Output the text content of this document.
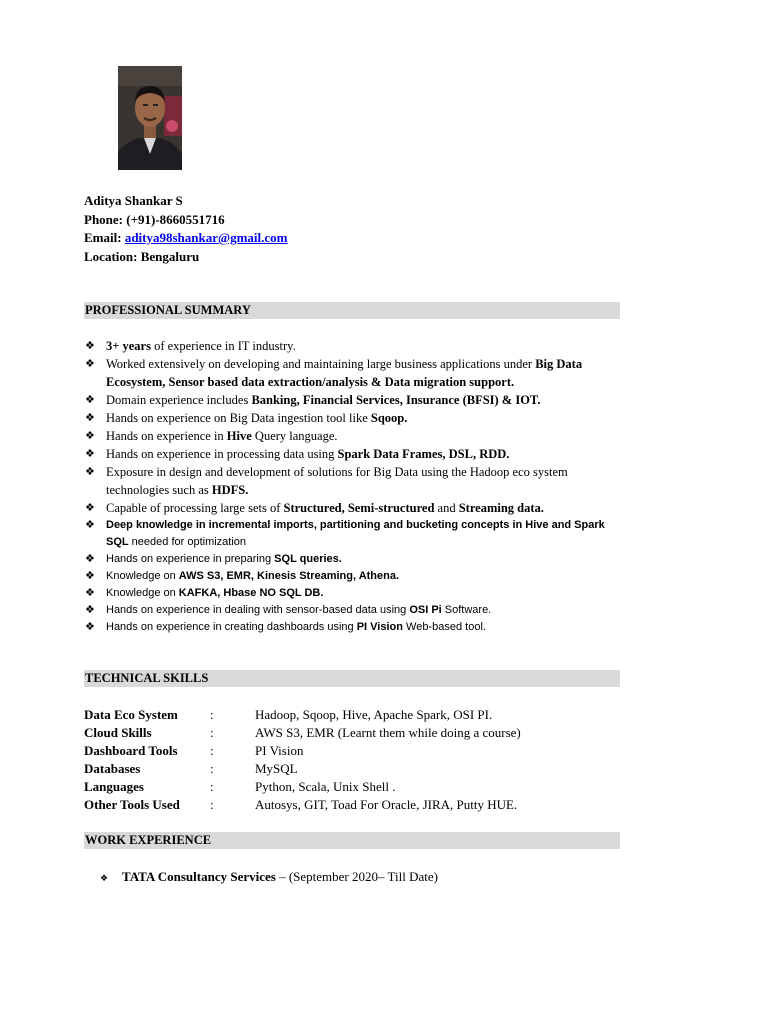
Aditya Shankar S
Phone: (+91)-8660551716
Email: aditya98shankar@gmail.com
Location: Bengaluru
PROFESSIONAL SUMMARY
❖ 3+ years of experience in IT industry.
❖ Worked extensively on developing and maintaining large business applications under Big Data Ecosystem, Sensor based data extraction/analysis & Data migration support.
❖ Domain experience includes Banking, Financial Services, Insurance (BFSI) & IOT.
❖ Hands on experience on Big Data ingestion tool like Sqoop.
❖ Hands on experience in Hive Query language.
❖ Hands on experience in processing data using Spark Data Frames, DSL, RDD.
❖ Exposure in design and development of solutions for Big Data using the Hadoop eco system technologies such as HDFS.
❖ Capable of processing large sets of Structured, Semi-structured and Streaming data.
❖ Deep knowledge in incremental imports, partitioning and bucketing concepts in Hive and Spark SQL needed for optimization
❖ Hands on experience in preparing SQL queries.
❖ Knowledge on AWS S3, EMR, Kinesis Streaming, Athena.
❖ Knowledge on KAFKA, Hbase NO SQL DB.
❖ Hands on experience in dealing with sensor-based data using OSI Pi Software.
❖ Hands on experience in creating dashboards using PI Vision Web-based tool.
TECHNICAL SKILLS
Data Eco System	:	Hadoop, Sqoop, Hive, Apache Spark, OSI PI.
Cloud Skills	:	AWS S3, EMR (Learnt them while doing a course)
Dashboard Tools	:	PI Vision
Databases	:	MySQL
Languages	:	Python, Scala, Unix Shell .
Other Tools Used	:	Autosys, GIT, Toad For Oracle, JIRA, Putty HUE.
WORK EXPERIENCE
❖ TATA Consultancy Services – (September 2020– Till Date)
